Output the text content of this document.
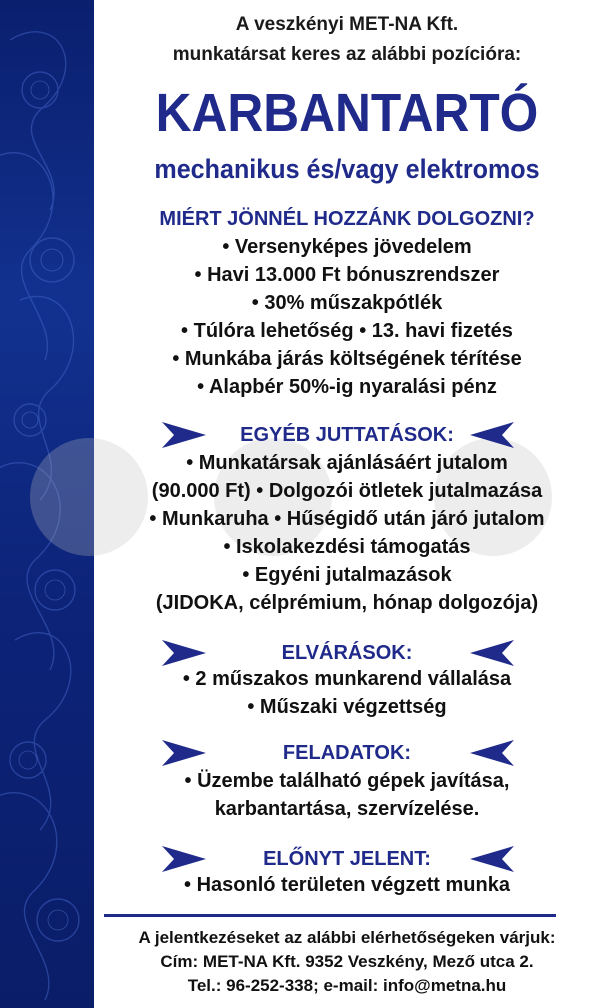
A veszkényi MET-NA Kft.
munkatársat keres az alábbi pozícióra:
KARBANTARTÓ
mechanikus és/vagy elektromos
MIÉRT JÖNNÉL HOZZÁNK DOLGOZNI?
• Versenyképes jövedelem
• Havi 13.000 Ft bónuszrendszer
• 30% műszakpótlék
• Túlóra lehetőség • 13. havi fizetés
• Munkába járás költségének térítése
• Alapbér 50%-ig nyaralási pénz
EGYÉB JUTTATÁSOK:
• Munkatársak ajánlásáért jutalom
(90.000 Ft) • Dolgozói ötletek jutalmazása
• Munkaruha • Hűségidő után járó jutalom
• Iskolakezdési támogatás
• Egyéni jutalmazások
(JIDOKA, célprémium, hónap dolgozója)
ELVÁRÁSOK:
• 2 műszakos munkarend vállalása
• Műszaki végzettség
FELADATOK:
• Üzembe található gépek javítása,
karbantartása, szervízelése.
ELŐNYT JELENT:
• Hasonló területen végzett munka
A jelentkezéseket az alábbi elérhetőségeken várjuk:
Cím: MET-NA Kft. 9352 Veszkény, Mező utca 2.
Tel.: 96-252-338; e-mail: info@metna.hu
